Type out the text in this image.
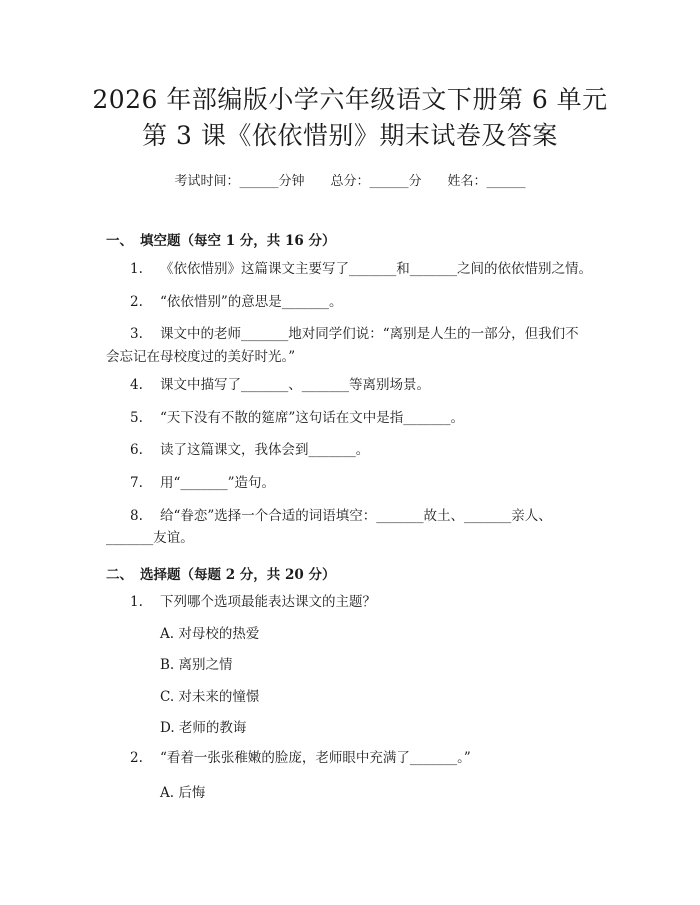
2026 年部编版小学六年级语文下册第 6 单元
第 3 课《依依惜别》期末试卷及答案
考试时间：______分钟 总分：______分 姓名：______
一、 填空题（每空 1 分，共 16 分）
1. 《依依惜别》这篇课文主要写了_______和_______之间的依依惜别之情。
2. “依依惜别”的意思是_______。
3. 课文中的老师_______地对同学们说：“离别是人生的一部分，但我们不
会忘记在母校度过的美好时光。”
4. 课文中描写了_______、_______等离别场景。
5. “天下没有不散的筵席”这句话在文中是指_______。
6. 读了这篇课文，我体会到_______。
7. 用“_______”造句。
8. 给“眷恋”选择一个合适的词语填空：_______故土、_______亲人、
_______友谊。
二、 选择题（每题 2 分，共 20 分）
1. 下列哪个选项最能表达课文的主题？
A. 对母校的热爱
B. 离别之情
C. 对未来的憧憬
D. 老师的教诲
2. “看着一张张稚嫩的脸庞，老师眼中充满了_______。”
A. 后悔
